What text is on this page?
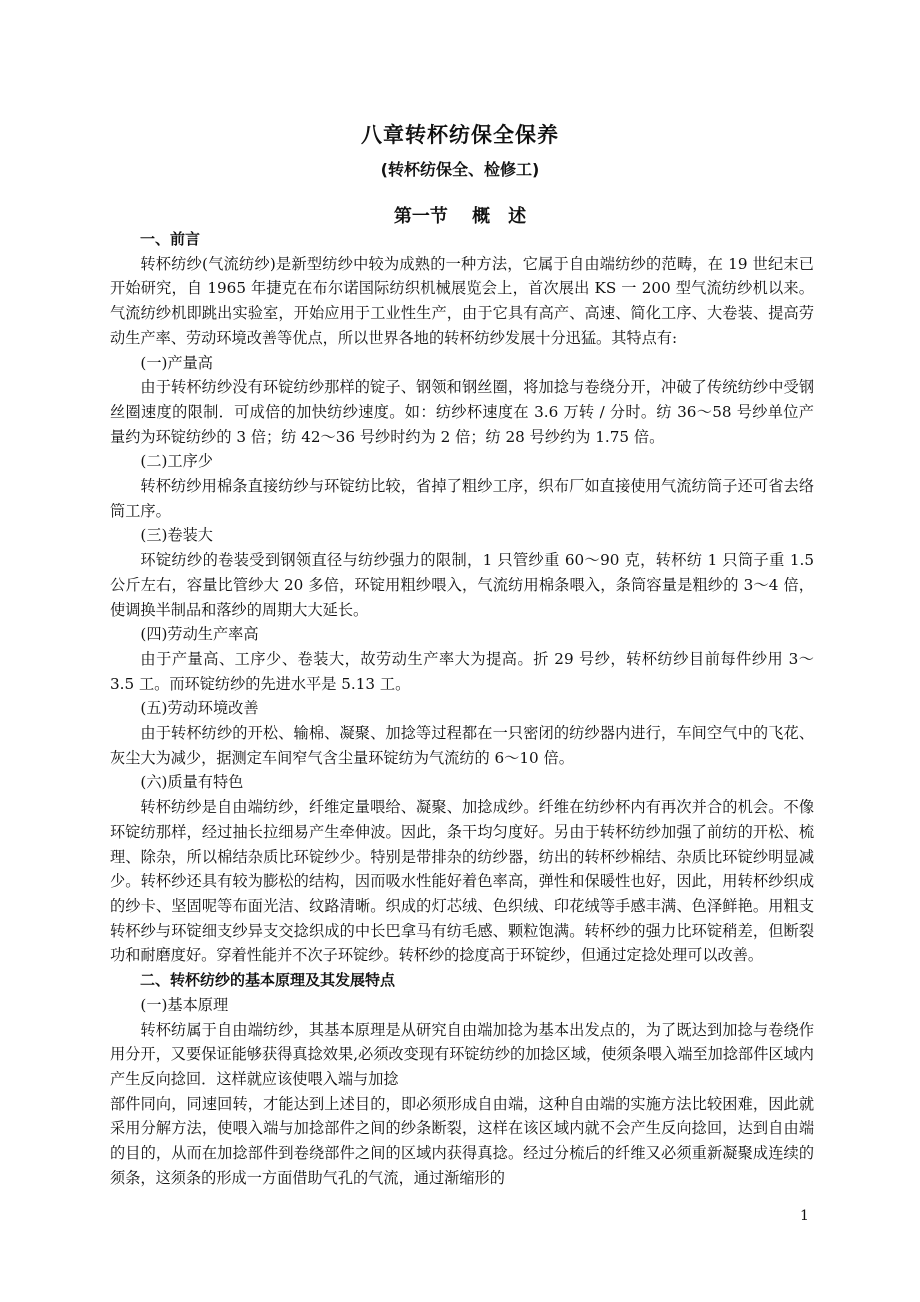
八章转杯纺保全保养
(转杯纺保全、检修工)
第一节　 概　述
一、前言

转杯纺纱(气流纺纱)是新型纺纱中较为成熟的一种方法，它属于自由端纺纱的范畴，在 19 世纪末已开始研究，自 1965 年捷克在布尔诺国际纺织机械展览会上，首次展出 KS 一 200 型气流纺纱机以来。气流纺纱机即跳出实验室，开始应用于工业性生产，由于它具有高产、高速、简化工序、大卷装、提高劳动生产率、劳动环境改善等优点，所以世界各地的转杯纺纱发展十分迅猛。其特点有:

(一)产量高

由于转杯纺纱没有环锭纺纱那样的锭子、钢领和钢丝圈，将加捻与卷绕分开，冲破了传统纺纱中受钢丝圈速度的限制．可成倍的加快纺纱速度。如：纺纱杯速度在 3.6 万转 / 分时。纺 36～58 号纱单位产量约为环锭纺纱的 3 倍；纺 42～36 号纱时约为 2 倍；纺 28 号纱约为 1.75 倍。

(二)工序少

转杯纺纱用棉条直接纺纱与环锭纺比较，省掉了粗纱工序，织布厂如直接使用气流纺筒子还可省去络筒工序。

(三)卷装大

环锭纺纱的卷装受到钢领直径与纺纱强力的限制，1 只管纱重 60～90 克，转杯纺 1 只筒子重 1.5 公斤左右，容量比管纱大 20 多倍，环锭用粗纱喂入，气流纺用棉条喂入，条筒容量是粗纱的 3～4 倍，使调换半制品和落纱的周期大大延长。

(四)劳动生产率高

由于产量高、工序少、卷装大，故劳动生产率大为提高。折 29 号纱，转杯纺纱目前每件纱用 3～3.5 工。而环锭纺纱的先进水平是 5.13 工。

(五)劳动环境改善

由于转杯纺纱的开松、输棉、凝聚、加捻等过程都在一只密闭的纺纱器内进行，车间空气中的飞花、灰尘大为减少，据测定车间窄气含尘量环锭纺为气流纺的 6～10 倍。

(六)质量有特色

转杯纺纱是自由端纺纱，纤维定量喂给、凝聚、加捻成纱。纤维在纺纱杯内有再次并合的机会。不像环锭纺那样，经过抽长拉细易产生牵伸波。因此，条干均匀度好。另由于转杯纺纱加强了前纺的开松、梳理、除杂，所以棉结杂质比环锭纱少。特别是带排杂的纺纱器，纺出的转杯纱棉结、杂质比环锭纱明显减少。转杯纱还具有较为膨松的结构，因而吸水性能好着色率高，弹性和保暖性也好，因此，用转杯纱织成的纱卡、坚固呢等布面光洁、纹路清晰。织成的灯芯绒、色织绒、印花绒等手感丰满、色泽鲜艳。用粗支转杯纱与环锭细支纱异支交捻织成的中长巴拿马有纺毛感、颗粒饱满。转杯纱的强力比环锭稍差，但断裂功和耐磨度好。穿着性能并不次子环锭纱。转杯纱的捻度高于环锭纱，但通过定捻处理可以改善。

二、转杯纺纱的基本原理及其发展特点
(一)基本原理

转杯纺属于自由端纺纱，其基本原理是从研究自由端加捻为基本出发点的，为了既达到加捻与卷绕作用分开，又要保证能够获得真捻效果,必须改变现有环锭纺纱的加捻区域，使须条喂入端至加捻部件区域内产生反向捻回．这样就应该使喂入端与加捻

部件同向，同速回转，才能达到上述目的，即必须形成自由端，这种自由端的实施方法比较困难，因此就采用分解方法，使喂入端与加捻部件之间的纱条断裂，这样在该区域内就不会产生反向捻回，达到自由端的目的，从而在加捻部件到卷绕部件之间的区域内获得真捻。经过分梳后的纤维又必须重新凝聚成连续的须条，这须条的形成一方面借助气孔的气流，通过渐缩形的

1
